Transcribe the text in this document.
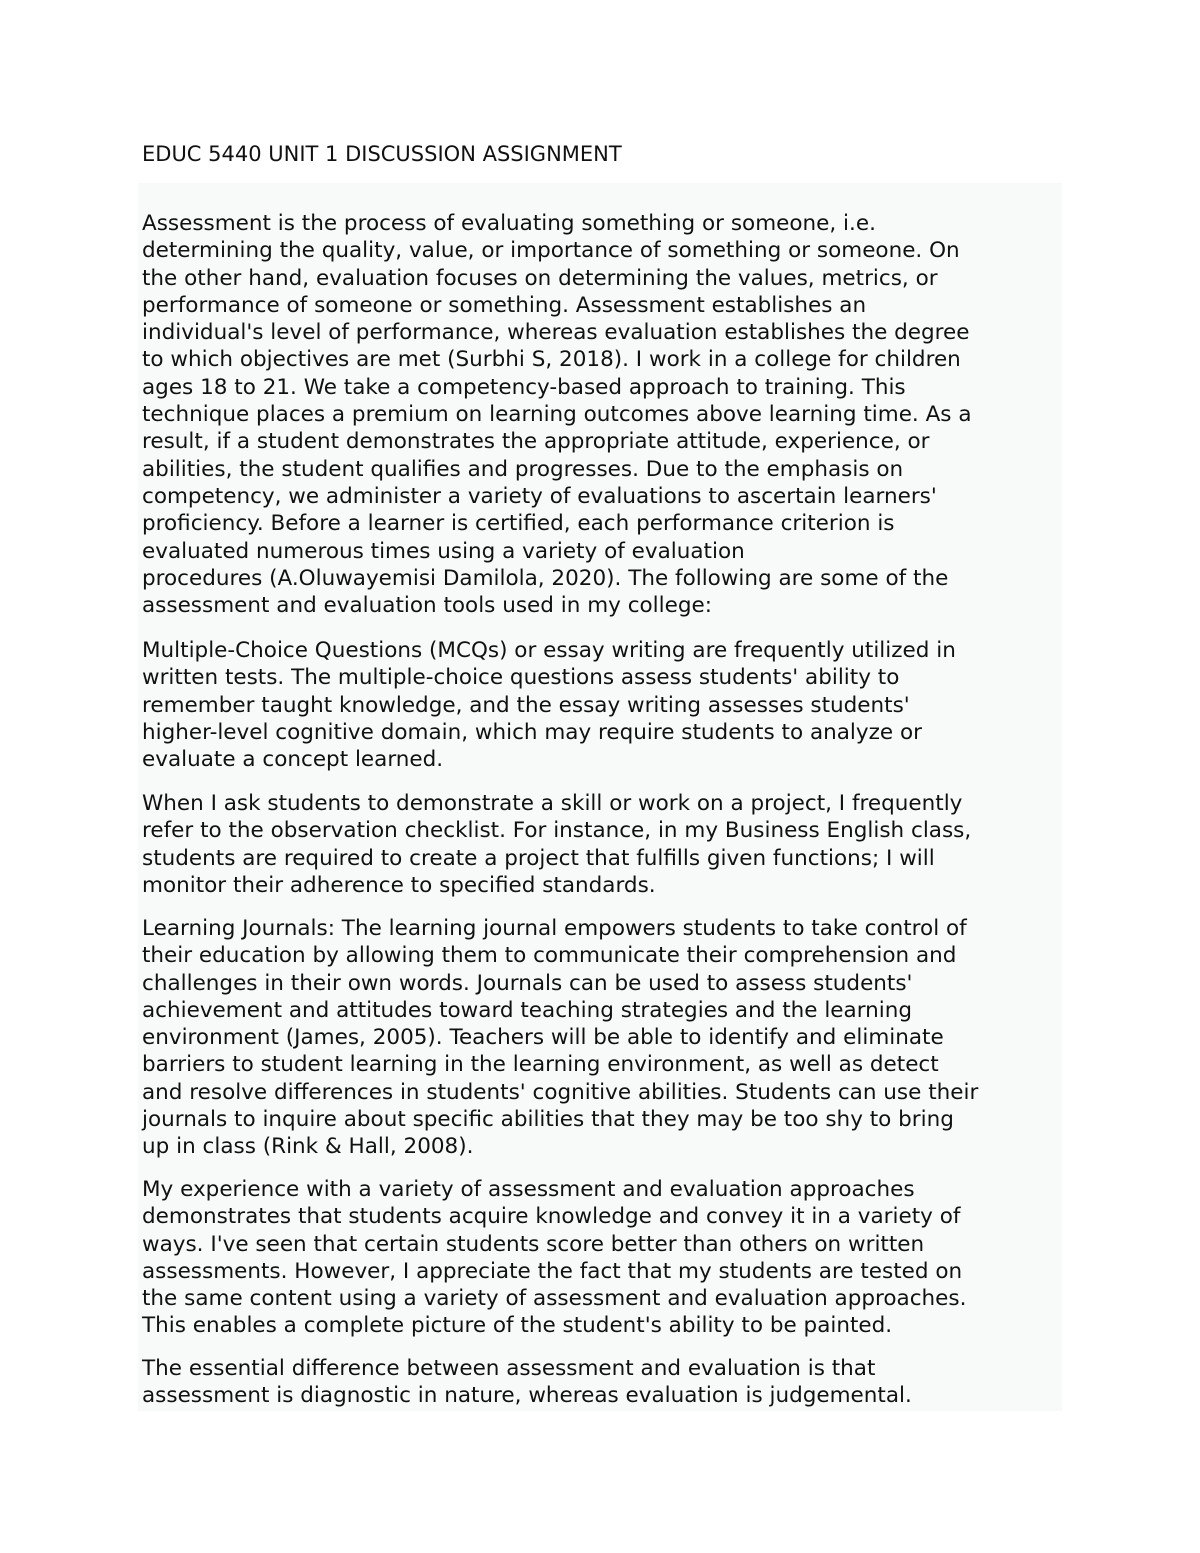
EDUC 5440 UNIT 1 DISCUSSION ASSIGNMENT

Assessment is the process of evaluating something or someone, i.e.
determining the quality, value, or importance of something or someone. On
the other hand, evaluation focuses on determining the values, metrics, or
performance of someone or something. Assessment establishes an
individual's level of performance, whereas evaluation establishes the degree
to which objectives are met (Surbhi S, 2018). I work in a college for children
ages 18 to 21. We take a competency-based approach to training. This
technique places a premium on learning outcomes above learning time. As a
result, if a student demonstrates the appropriate attitude, experience, or
abilities, the student qualifies and progresses. Due to the emphasis on
competency, we administer a variety of evaluations to ascertain learners'
proficiency. Before a learner is certified, each performance criterion is
evaluated numerous times using a variety of evaluation
procedures (A.Oluwayemisi Damilola, 2020). The following are some of the
assessment and evaluation tools used in my college:

Multiple-Choice Questions (MCQs) or essay writing are frequently utilized in
written tests. The multiple-choice questions assess students' ability to
remember taught knowledge, and the essay writing assesses students'
higher-level cognitive domain, which may require students to analyze or
evaluate a concept learned.

When I ask students to demonstrate a skill or work on a project, I frequently
refer to the observation checklist. For instance, in my Business English class,
students are required to create a project that fulfills given functions; I will
monitor their adherence to specified standards.

Learning Journals: The learning journal empowers students to take control of
their education by allowing them to communicate their comprehension and
challenges in their own words. Journals can be used to assess students'
achievement and attitudes toward teaching strategies and the learning
environment (James, 2005). Teachers will be able to identify and eliminate
barriers to student learning in the learning environment, as well as detect
and resolve differences in students' cognitive abilities. Students can use their
journals to inquire about specific abilities that they may be too shy to bring
up in class (Rink & Hall, 2008).

My experience with a variety of assessment and evaluation approaches
demonstrates that students acquire knowledge and convey it in a variety of
ways. I've seen that certain students score better than others on written
assessments. However, I appreciate the fact that my students are tested on
the same content using a variety of assessment and evaluation approaches.
This enables a complete picture of the student's ability to be painted.

The essential difference between assessment and evaluation is that
assessment is diagnostic in nature, whereas evaluation is judgemental.
